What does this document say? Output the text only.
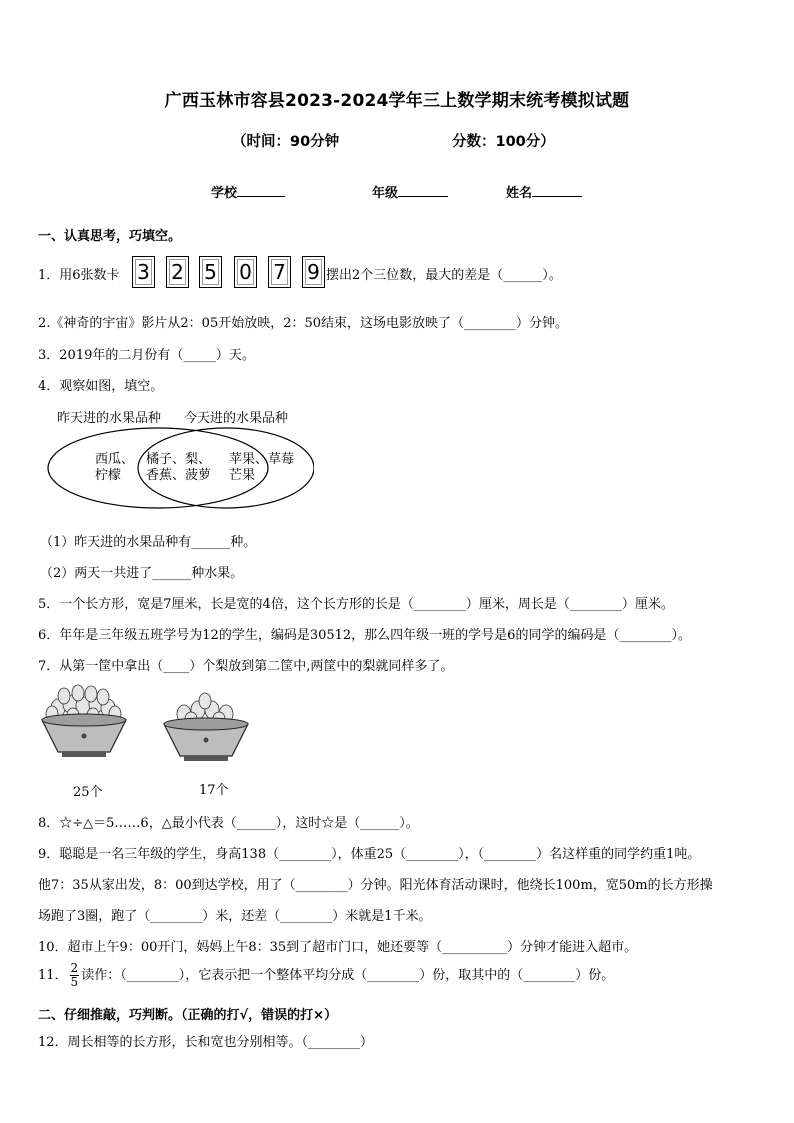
广西玉林市容县2023-2024学年三上数学期末统考模拟试题
（时间：90分钟	分数：100分）
学校	年级	姓名
一、认真思考，巧填空。
1．用6张数卡 3 2 5 0 7 9 摆出2个三位数，最大的差是（______）。
2.《神奇的宇宙》影片从2：05开始放映，2：50结束，这场电影放映了（________）分钟。
3．2019年的二月份有（_____）天。
4．观察如图，填空。
昨天进的水果品种 今天进的水果品种
西瓜、
柠檬
橘子、梨、
香蕉、菠萝
苹果、草莓
芒果
（1）昨天进的水果品种有______种。
（2）两天一共进了______种水果。
5．一个长方形，宽是7厘米，长是宽的4倍，这个长方形的长是（________）厘米，周长是（________）厘米。
6．年年是三年级五班学号为12的学生，编码是30512，那么四年级一班的学号是6的同学的编码是（________）。
7．从第一筐中拿出（____）个梨放到第二筐中,两筐中的梨就同样多了。
25个	17个
8．☆÷△＝5……6，△最小代表（______），这时☆是（______）。
9．聪聪是一名三年级的学生，身高138（________），体重25（________），（________）名这样重的同学约重1吨。
他7：35从家出发，8：00到达学校，用了（________）分钟。阳光体育活动课时，他绕长100m，宽50m的长方形操
场跑了3圈，跑了（________）米，还差（________）米就是1千米。
10．超市上午9：00开门，妈妈上午8：35到了超市门口，她还要等（__________）分钟才能进入超市。
11． $\frac{2}{5}$ 读作：（________），它表示把一个整体平均分成（________）份，取其中的（________）份。
二、仔细推敲，巧判断。（正确的打√，错误的打×）
12．周长相等的长方形，长和宽也分别相等。（________）
